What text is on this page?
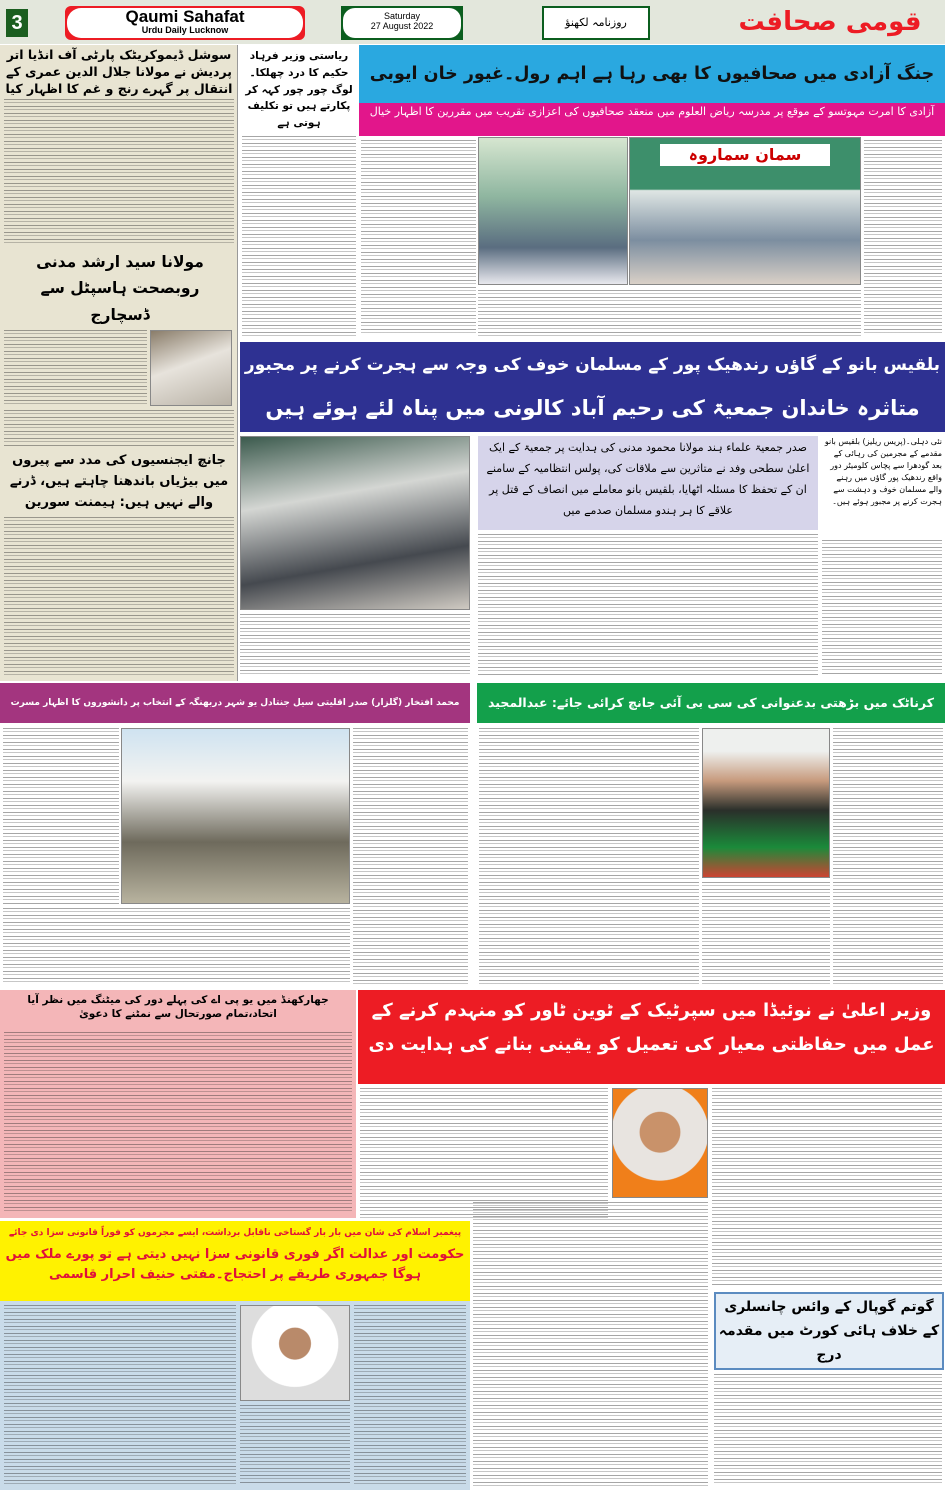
3	Qaumi Sahafat
Urdu Daily Lucknow
Saturday
27 August 2022	روزنامہ لکھنؤ	قومی صحافت
سوشل ڈیموکریٹک پارٹی آف انڈیا اتر پردیش نے مولانا جلال الدین عمری کے انتقال پر گہرے رنج و غم کا اظہار کیا
مولانا سید ارشد مدنی روبصحت ہاسپٹل سے ڈسچارج
جانچ ایجنسیوں کی مدد سے پیروں میں بیڑیاں باندھنا چاہتے ہیں، ڈرنے والے نہیں ہیں: ہیمنت سورین
ریاستی وزیر فرہاد حکیم کا درد چھلکا۔لوگ چور چور کہہ کر پکارتے ہیں تو تکلیف ہوتی ہے
جنگ آزادی میں صحافیوں کا بھی رہا ہے اہم رول۔غیور خان ایوبی
آزادی کا امرت مہوتسو کے موقع پر مدرسہ ریاض العلوم میں منعقد صحافیوں کی اعزازی تقریب میں مقررین کا اظہار خیال
سمان سماروہ
بلقیس بانو کے گاؤں رندھیک پور کے مسلمان خوف کی وجہ سے ہجرت کرنے پر مجبور
متاثرہ خاندان جمعیۃ کی رحیم آباد کالونی میں پناہ لئے ہوئے ہیں
صدر جمعیۃ علماء ہند مولانا محمود مدنی کی ہدایت پر جمعیۃ کے ایک اعلیٰ سطحی وفد نے متاثرین سے ملاقات کی، پولس انتظامیہ کے سامنے ان کے تحفظ کا مسئلہ اٹھایا، بلقیس بانو معاملے میں انصاف کے قتل پر علاقے کا ہر ہندو مسلمان صدمے میں
نئی دہلی۔(پریس ریلیز) بلقیس بانو مقدمے کے مجرمین کی رہائی کے بعد گودھرا سے پچاس کلومیٹر دور واقع رندھیک پور گاؤں میں رہنے والے مسلمان خوف و دہشت سے ہجرت کرنے پر مجبور ہوئے ہیں۔
محمد افتخار (گلزار) صدر اقلیتی سیل جنتادل یو شہر دربھنگہ کے انتخاب پر دانشوروں کا اظہار مسرت	کرناٹک میں بڑھتی بدعنوانی کی سی بی آئی جانچ کرائی جائے: عبدالمجید
جھارکھنڈ میں یو پی اے کی پہلے دور کی میٹنگ میں نظر آیا اتحاد،تمام صورتحال سے نمٹنے کا دعویٰ	وزیر اعلیٰ نے نوئیڈا میں سپرٹیک کے ٹوین ٹاور کو منہدم کرنے کے عمل میں حفاظتی معیار کی تعمیل کو یقینی بنانے کی ہدایت دی
پیغمبر اسلام کی شان میں بار بار گستاخی ناقابل برداشت، ایسے مجرموں کو فوراً قانونی سزا دی جائے
حکومت اور عدالت اگر فوری قانونی سزا نہیں دیتی ہے تو پورے ملک میں ہوگا جمہوری طریقے پر احتجاج۔مفتی حنیف احرار قاسمی
گوتم گوپال کے وائس چانسلری کے خلاف ہائی کورٹ میں مقدمہ درج
